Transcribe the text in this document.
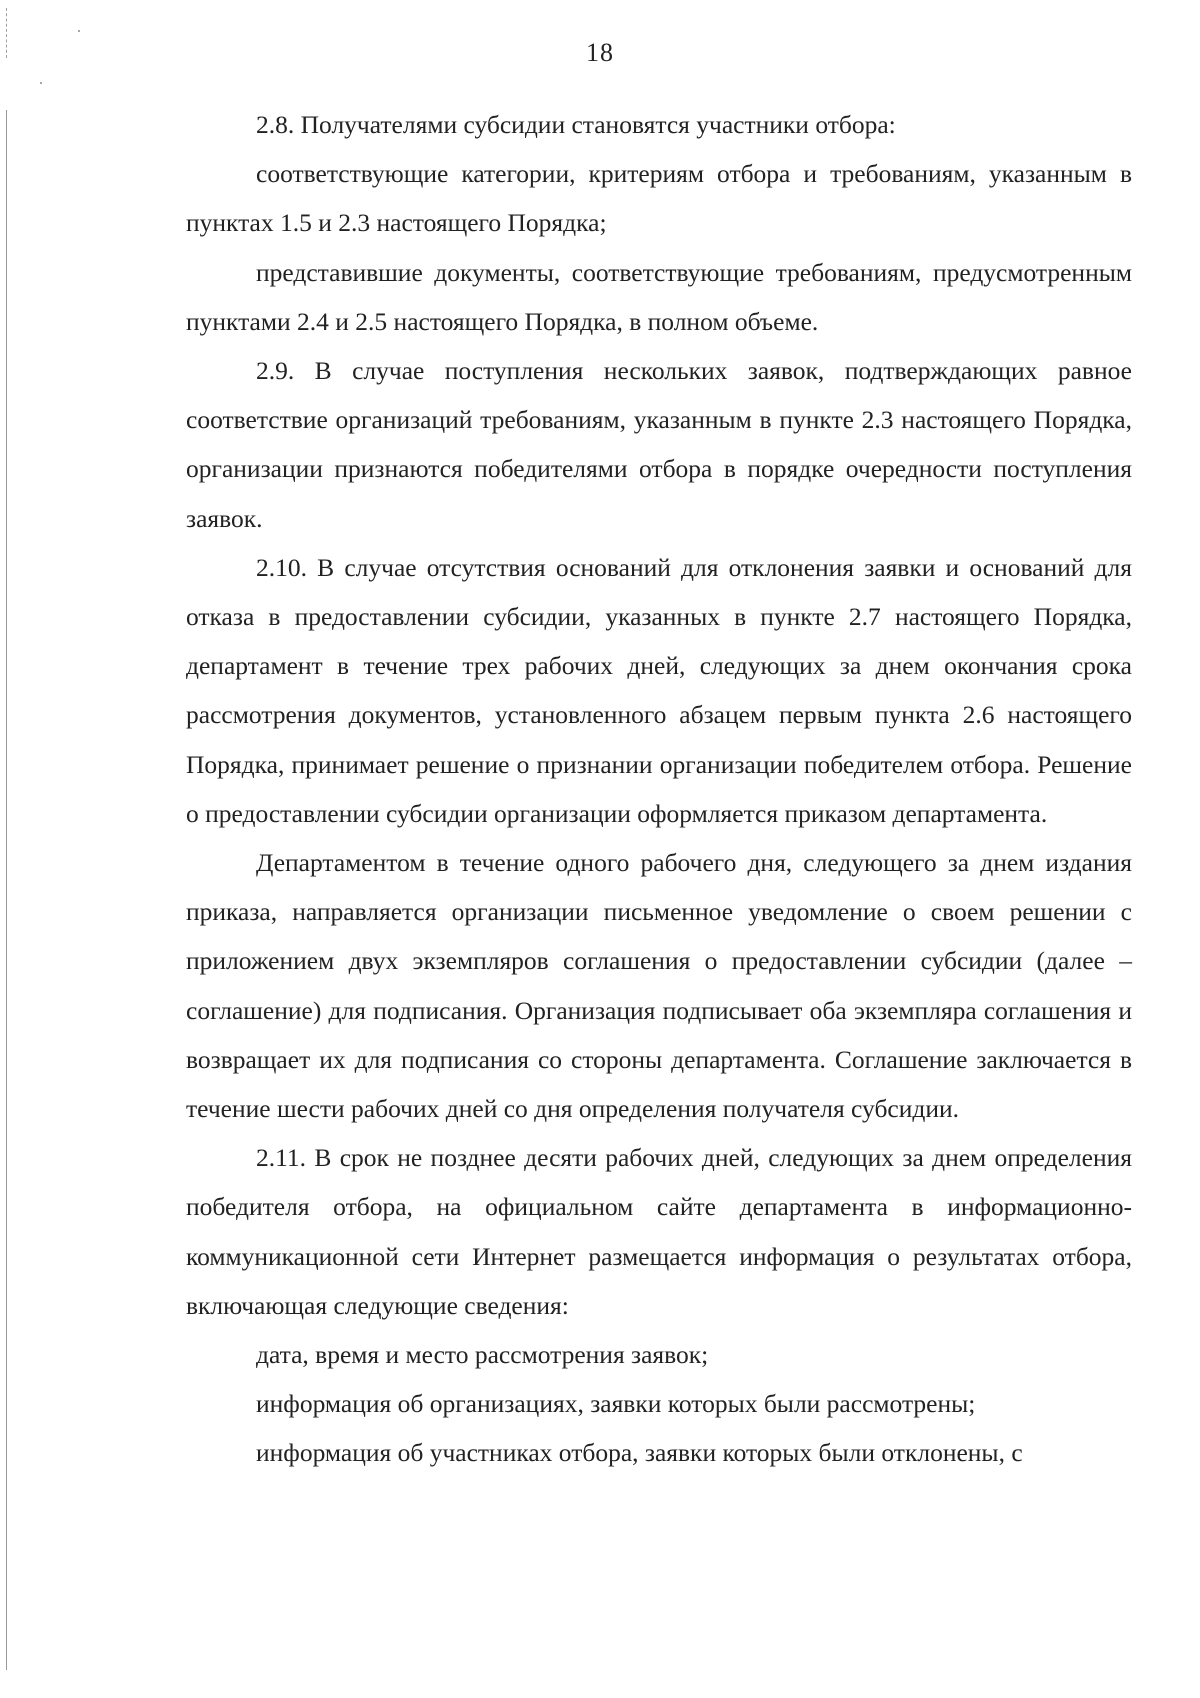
18

2.8. Получателями субсидии становятся участники отбора:

соответствующие категории, критериям отбора и требованиям, указанным в пунктах 1.5 и 2.3 настоящего Порядка;

представившие документы, соответствующие требованиям, предусмотренным пунктами 2.4 и 2.5 настоящего Порядка, в полном объеме.

2.9. В случае поступления нескольких заявок, подтверждающих равное соответствие организаций требованиям, указанным в пункте 2.3 настоящего Порядка, организации признаются победителями отбора в порядке очередности поступления заявок.

2.10. В случае отсутствия оснований для отклонения заявки и оснований для отказа в предоставлении субсидии, указанных в пункте 2.7 настоящего Порядка, департамент в течение трех рабочих дней, следующих за днем окончания срока рассмотрения документов, установленного абзацем первым пункта 2.6 настоящего Порядка, принимает решение о признании организации победителем отбора. Решение о предоставлении субсидии организации оформляется приказом департамента.

Департаментом в течение одного рабочего дня, следующего за днем издания приказа, направляется организации письменное уведомление о своем решении с приложением двух экземпляров соглашения о предоставлении субсидии (далее – соглашение) для подписания. Организация подписывает оба экземпляра соглашения и возвращает их для подписания со стороны департамента. Соглашение заключается в течение шести рабочих дней со дня определения получателя субсидии.

2.11. В срок не позднее десяти рабочих дней, следующих за днем определения победителя отбора, на официальном сайте департамента в информационно-коммуникационной сети Интернет размещается информация о результатах отбора, включающая следующие сведения:

дата, время и место рассмотрения заявок;

информация об организациях, заявки которых были рассмотрены;

информация об участниках отбора, заявки которых были отклонены, с
